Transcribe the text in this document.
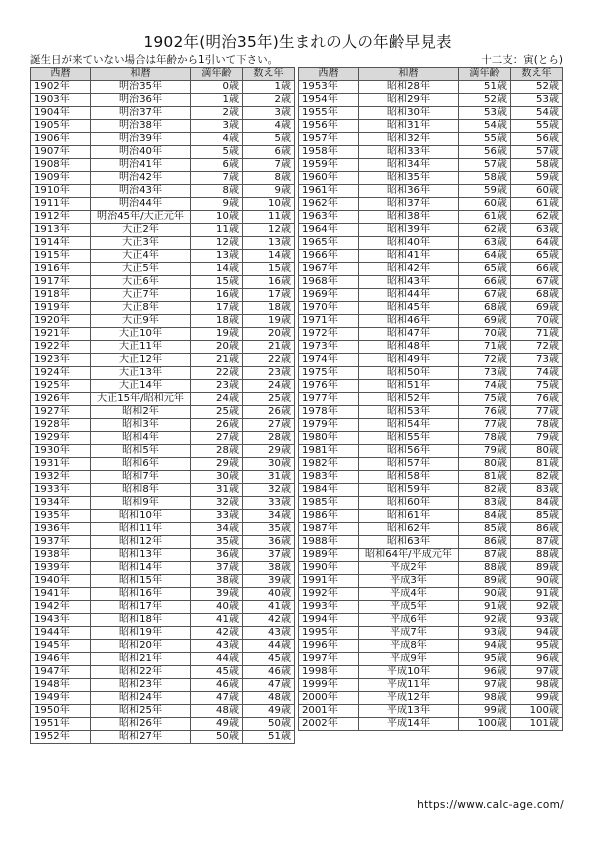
1902年(明治35年)生まれの人の年齢早見表
誕生日が来ていない場合は年齢から1引いて下さい。	十二支：寅(とら)
西暦	和暦	満年齢	数え年
1902年	明治35年	0歳	1歳
1903年	明治36年	1歳	2歳
1904年	明治37年	2歳	3歳
1905年	明治38年	3歳	4歳
1906年	明治39年	4歳	5歳
1907年	明治40年	5歳	6歳
1908年	明治41年	6歳	7歳
1909年	明治42年	7歳	8歳
1910年	明治43年	8歳	9歳
1911年	明治44年	9歳	10歳
1912年	明治45年/大正元年	10歳	11歳
1913年	大正2年	11歳	12歳
1914年	大正3年	12歳	13歳
1915年	大正4年	13歳	14歳
1916年	大正5年	14歳	15歳
1917年	大正6年	15歳	16歳
1918年	大正7年	16歳	17歳
1919年	大正8年	17歳	18歳
1920年	大正9年	18歳	19歳
1921年	大正10年	19歳	20歳
1922年	大正11年	20歳	21歳
1923年	大正12年	21歳	22歳
1924年	大正13年	22歳	23歳
1925年	大正14年	23歳	24歳
1926年	大正15年/昭和元年	24歳	25歳
1927年	昭和2年	25歳	26歳
1928年	昭和3年	26歳	27歳
1929年	昭和4年	27歳	28歳
1930年	昭和5年	28歳	29歳
1931年	昭和6年	29歳	30歳
1932年	昭和7年	30歳	31歳
1933年	昭和8年	31歳	32歳
1934年	昭和9年	32歳	33歳
1935年	昭和10年	33歳	34歳
1936年	昭和11年	34歳	35歳
1937年	昭和12年	35歳	36歳
1938年	昭和13年	36歳	37歳
1939年	昭和14年	37歳	38歳
1940年	昭和15年	38歳	39歳
1941年	昭和16年	39歳	40歳
1942年	昭和17年	40歳	41歳
1943年	昭和18年	41歳	42歳
1944年	昭和19年	42歳	43歳
1945年	昭和20年	43歳	44歳
1946年	昭和21年	44歳	45歳
1947年	昭和22年	45歳	46歳
1948年	昭和23年	46歳	47歳
1949年	昭和24年	47歳	48歳
1950年	昭和25年	48歳	49歳
1951年	昭和26年	49歳	50歳
1952年	昭和27年	50歳	51歳
西暦	和暦	満年齢	数え年
1953年	昭和28年	51歳	52歳
1954年	昭和29年	52歳	53歳
1955年	昭和30年	53歳	54歳
1956年	昭和31年	54歳	55歳
1957年	昭和32年	55歳	56歳
1958年	昭和33年	56歳	57歳
1959年	昭和34年	57歳	58歳
1960年	昭和35年	58歳	59歳
1961年	昭和36年	59歳	60歳
1962年	昭和37年	60歳	61歳
1963年	昭和38年	61歳	62歳
1964年	昭和39年	62歳	63歳
1965年	昭和40年	63歳	64歳
1966年	昭和41年	64歳	65歳
1967年	昭和42年	65歳	66歳
1968年	昭和43年	66歳	67歳
1969年	昭和44年	67歳	68歳
1970年	昭和45年	68歳	69歳
1971年	昭和46年	69歳	70歳
1972年	昭和47年	70歳	71歳
1973年	昭和48年	71歳	72歳
1974年	昭和49年	72歳	73歳
1975年	昭和50年	73歳	74歳
1976年	昭和51年	74歳	75歳
1977年	昭和52年	75歳	76歳
1978年	昭和53年	76歳	77歳
1979年	昭和54年	77歳	78歳
1980年	昭和55年	78歳	79歳
1981年	昭和56年	79歳	80歳
1982年	昭和57年	80歳	81歳
1983年	昭和58年	81歳	82歳
1984年	昭和59年	82歳	83歳
1985年	昭和60年	83歳	84歳
1986年	昭和61年	84歳	85歳
1987年	昭和62年	85歳	86歳
1988年	昭和63年	86歳	87歳
1989年	昭和64年/平成元年	87歳	88歳
1990年	平成2年	88歳	89歳
1991年	平成3年	89歳	90歳
1992年	平成4年	90歳	91歳
1993年	平成5年	91歳	92歳
1994年	平成6年	92歳	93歳
1995年	平成7年	93歳	94歳
1996年	平成8年	94歳	95歳
1997年	平成9年	95歳	96歳
1998年	平成10年	96歳	97歳
1999年	平成11年	97歳	98歳
2000年	平成12年	98歳	99歳
2001年	平成13年	99歳	100歳
2002年	平成14年	100歳	101歳
https://www.calc-age.com/
